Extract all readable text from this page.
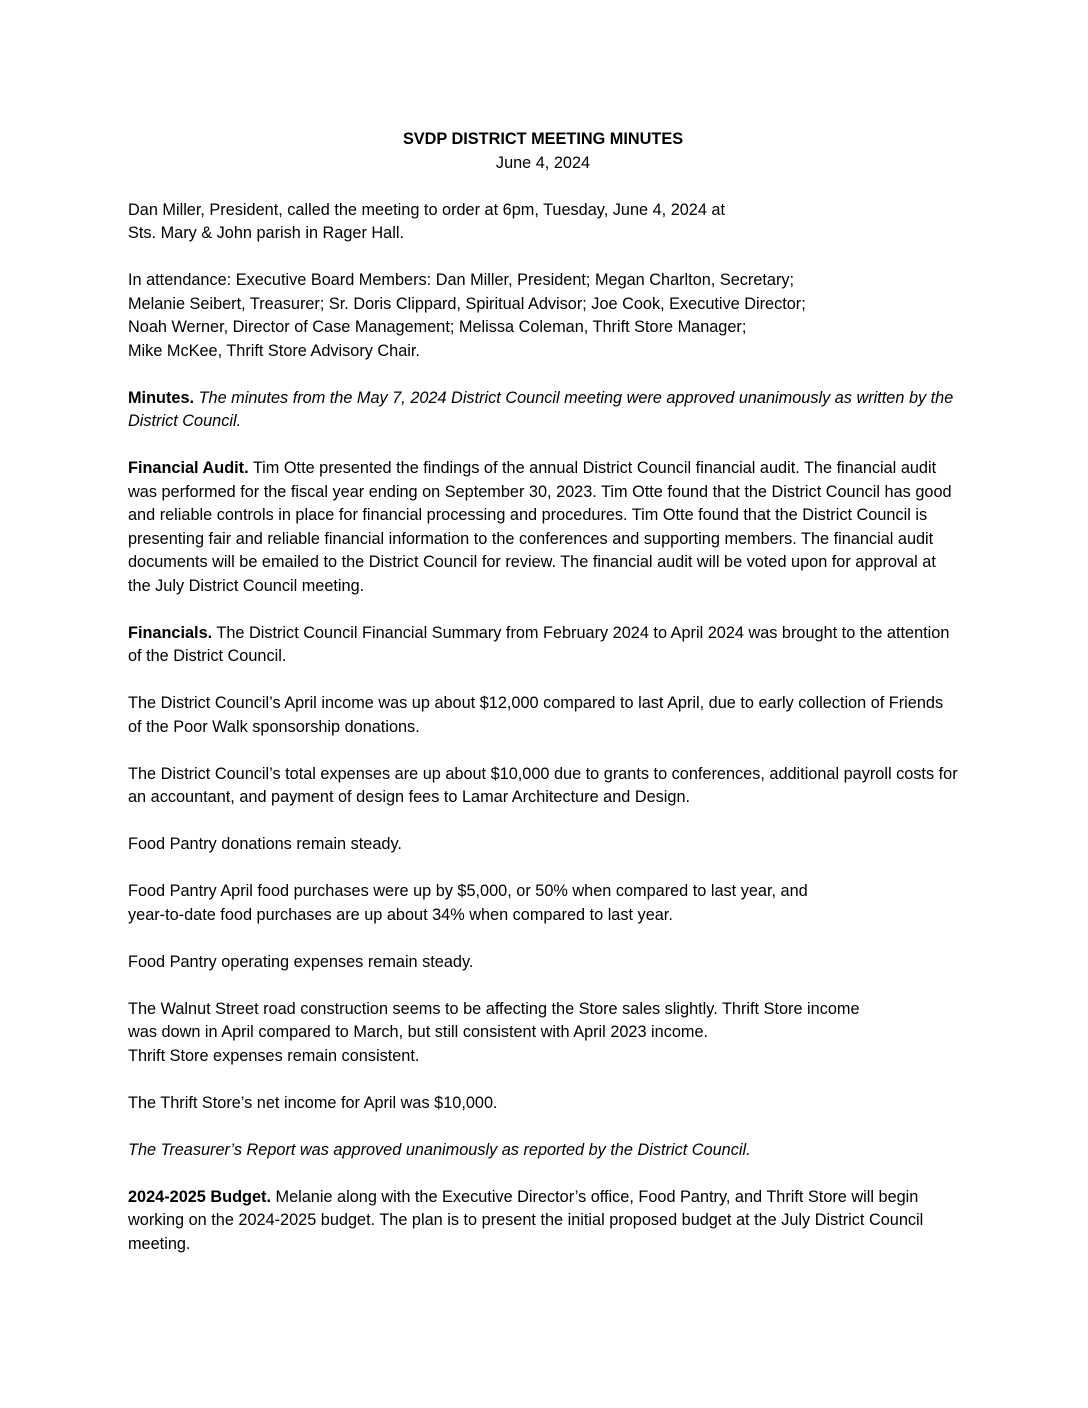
SVDP DISTRICT MEETING MINUTES
June 4, 2024

Dan Miller, President, called the meeting to order at 6pm, Tuesday, June 4, 2024 at
Sts. Mary & John parish in Rager Hall.

In attendance: Executive Board Members: Dan Miller, President; Megan Charlton, Secretary;
Melanie Seibert, Treasurer; Sr. Doris Clippard, Spiritual Advisor; Joe Cook, Executive Director;
Noah Werner, Director of Case Management; Melissa Coleman, Thrift Store Manager;
Mike McKee, Thrift Store Advisory Chair.

Minutes. The minutes from the May 7, 2024 District Council meeting were approved unanimously as written by the District Council.

Financial Audit. Tim Otte presented the findings of the annual District Council financial audit. The financial audit was performed for the fiscal year ending on September 30, 2023. Tim Otte found that the District Council has good and reliable controls in place for financial processing and procedures. Tim Otte found that the District Council is presenting fair and reliable financial information to the conferences and supporting members. The financial audit documents will be emailed to the District Council for review. The financial audit will be voted upon for approval at the July District Council meeting.

Financials. The District Council Financial Summary from February 2024 to April 2024 was brought to the attention of the District Council.

The District Council’s April income was up about $12,000 compared to last April, due to early collection of Friends of the Poor Walk sponsorship donations.

The District Council’s total expenses are up about $10,000 due to grants to conferences, additional payroll costs for an accountant, and payment of design fees to Lamar Architecture and Design.

Food Pantry donations remain steady.

Food Pantry April food purchases were up by $5,000, or 50% when compared to last year, and
year-to-date food purchases are up about 34% when compared to last year.

Food Pantry operating expenses remain steady.

The Walnut Street road construction seems to be affecting the Store sales slightly. Thrift Store income
was down in April compared to March, but still consistent with April 2023 income.
Thrift Store expenses remain consistent.

The Thrift Store’s net income for April was $10,000.

The Treasurer’s Report was approved unanimously as reported by the District Council.

2024-2025 Budget. Melanie along with the Executive Director’s office, Food Pantry, and Thrift Store will begin working on the 2024-2025 budget. The plan is to present the initial proposed budget at the July District Council meeting.
